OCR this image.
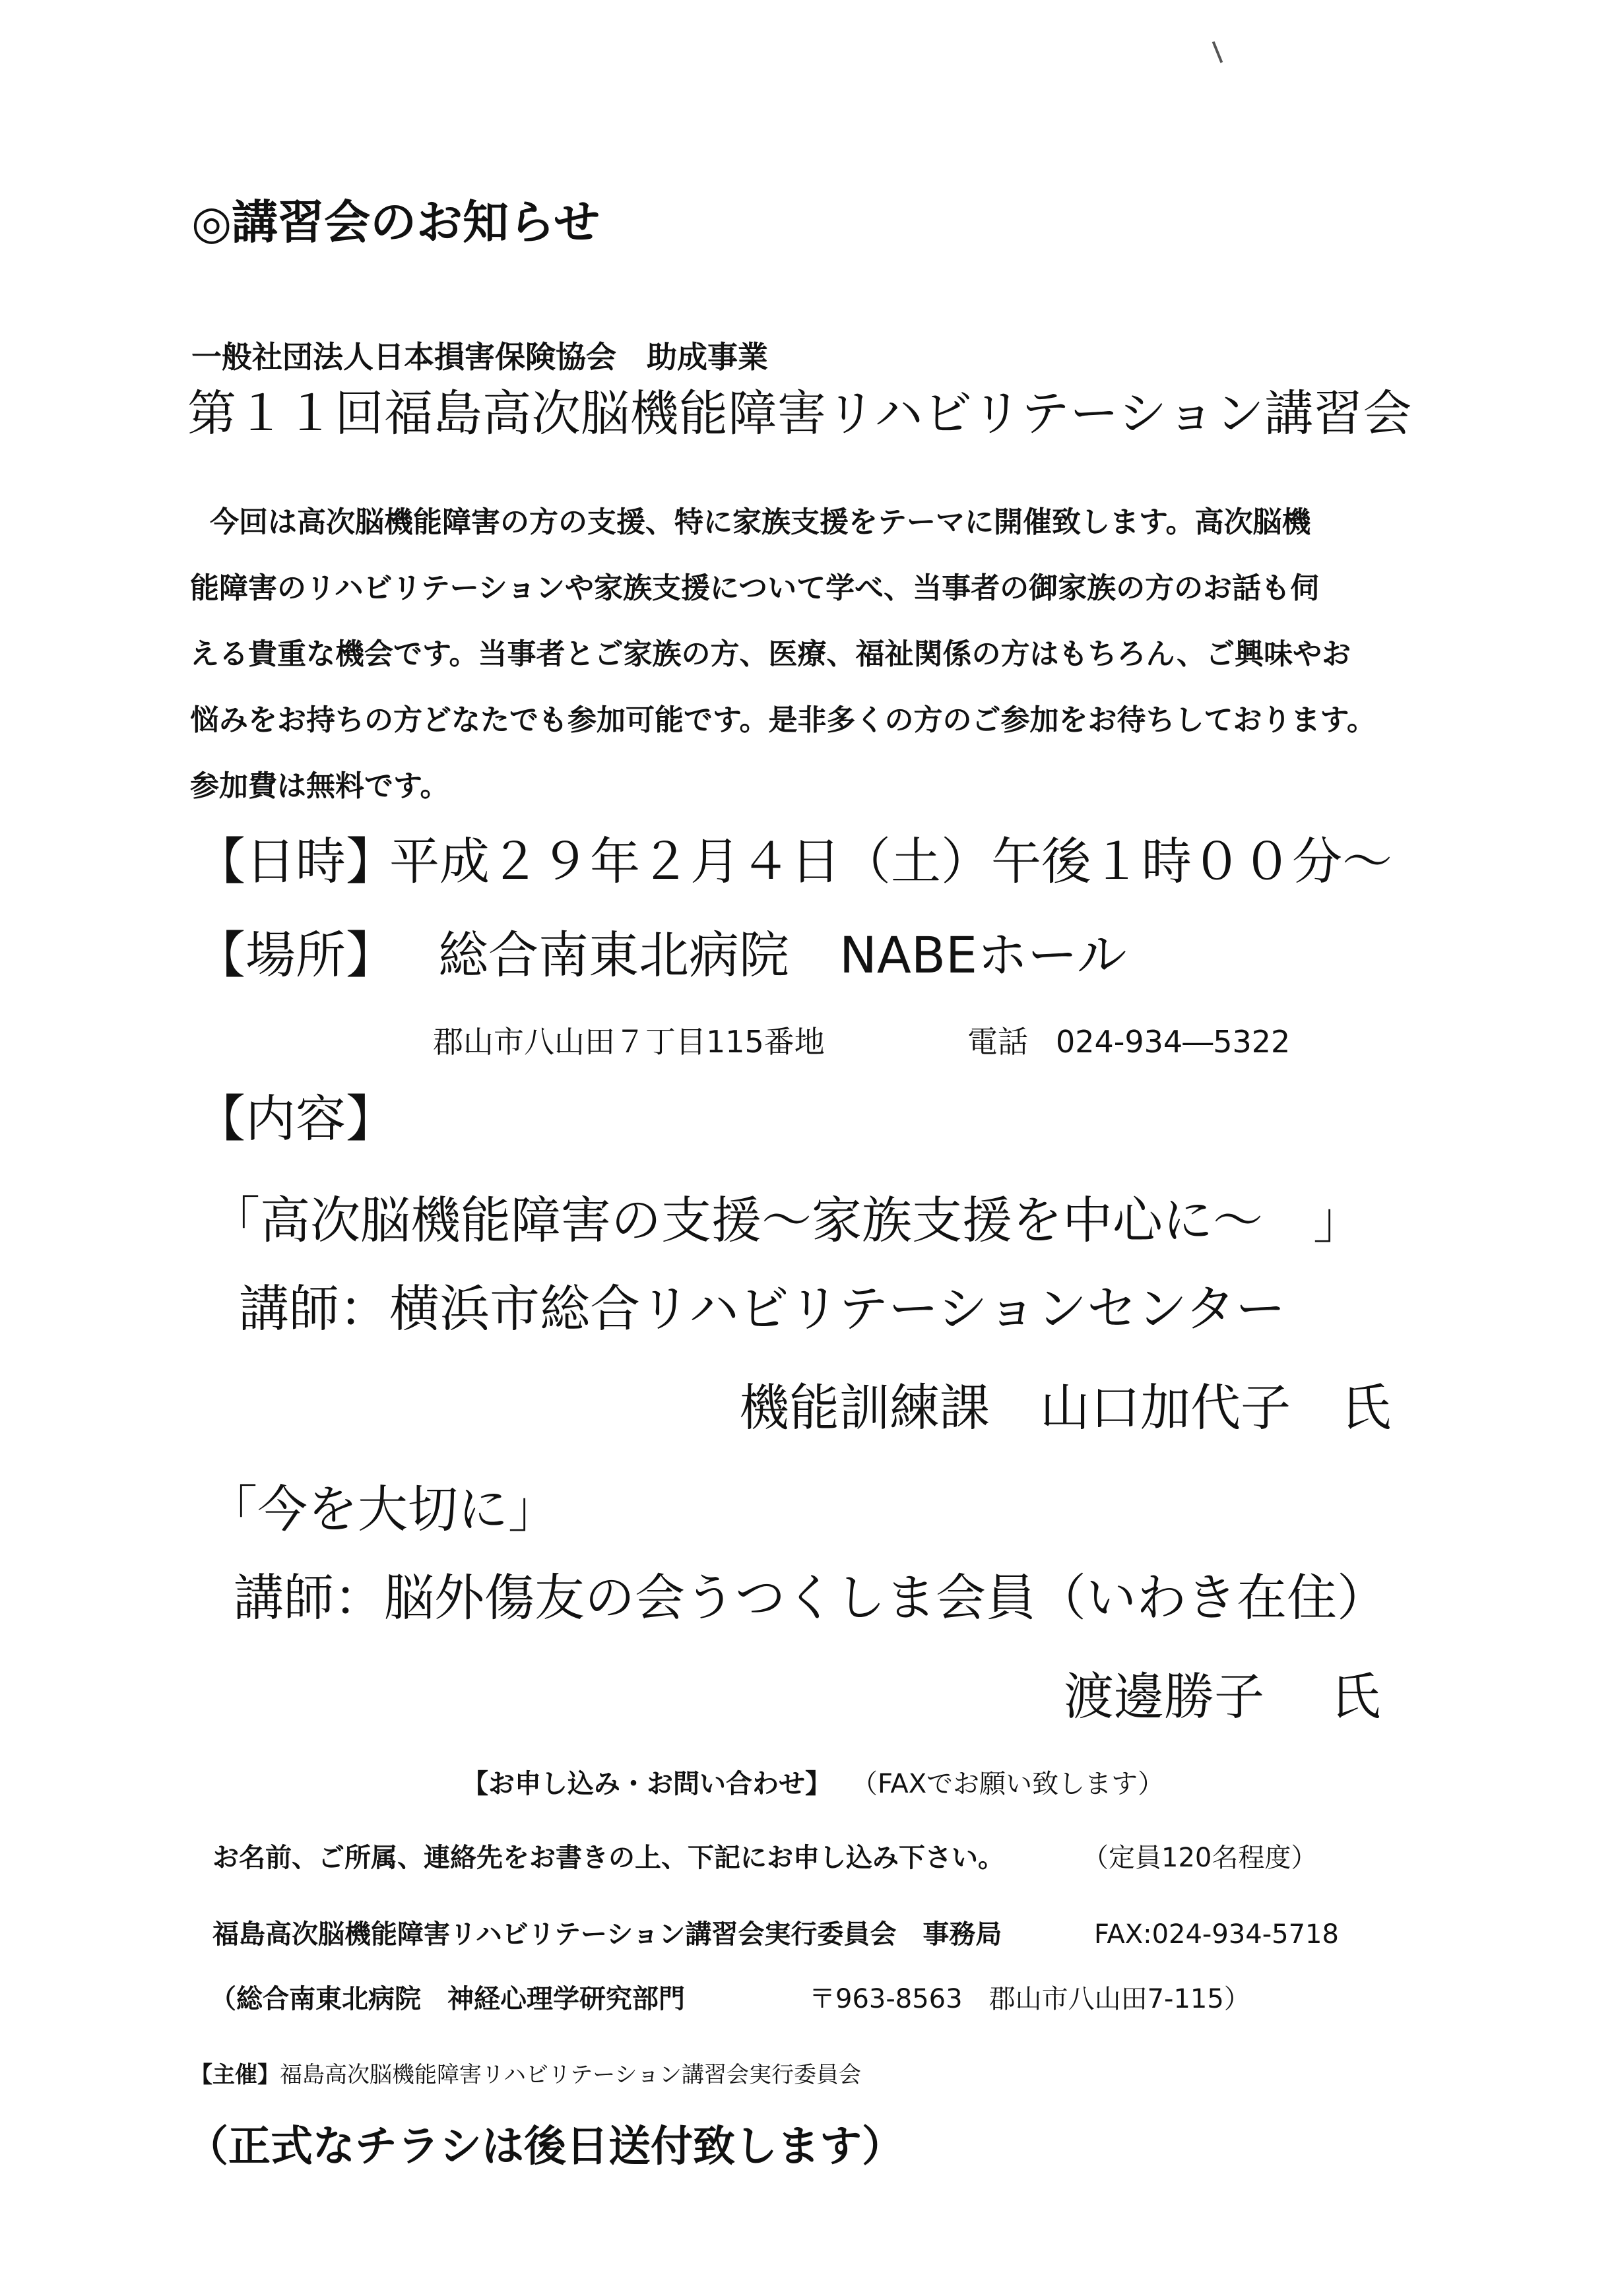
◎講習会のお知らせ
一般社団法人日本損害保険協会　助成事業
第１１回福島高次脳機能障害リハビリテーション講習会
今回は高次脳機能障害の方の支援、特に家族支援をテーマに開催致します。高次脳機
能障害のリハビリテーションや家族支援について学べ、当事者の御家族の方のお話も伺
える貴重な機会です。当事者とご家族の方、医療、福祉関係の方はもちろん、ご興味やお
悩みをお持ちの方どなたでも参加可能です。是非多くの方のご参加をお待ちしております。
参加費は無料です。
【日時】
平成２９年２月４日（土）午後１時００分～
【場所】 総合南東北病院　NABEホール
郡山市八山田７丁目115番地	電話 024-934―5322
【内容】
「高次脳機能障害の支援～家族支援を中心に～　」
講師：横浜市総合リハビリテーションセンター
機能訓練課　山口加代子　氏
「今を大切に」
講師：脳外傷友の会うつくしま会員（いわき在住）
渡邊勝子　 氏
【お申し込み・お問い合わせ】 （FAXでお願い致します）
お名前、ご所属、連絡先をお書きの上、下記にお申し込み下さい。	（定員120名程度）
福島高次脳機能障害リハビリテーション講習会実行委員会　事務局	FAX:024-934-5718
（総合南東北病院　神経心理学研究部門	〒963-8563　郡山市八山田7-115）
【主催】福島高次脳機能障害リハビリテーション講習会実行委員会
（正式なチラシは後日送付致します）
